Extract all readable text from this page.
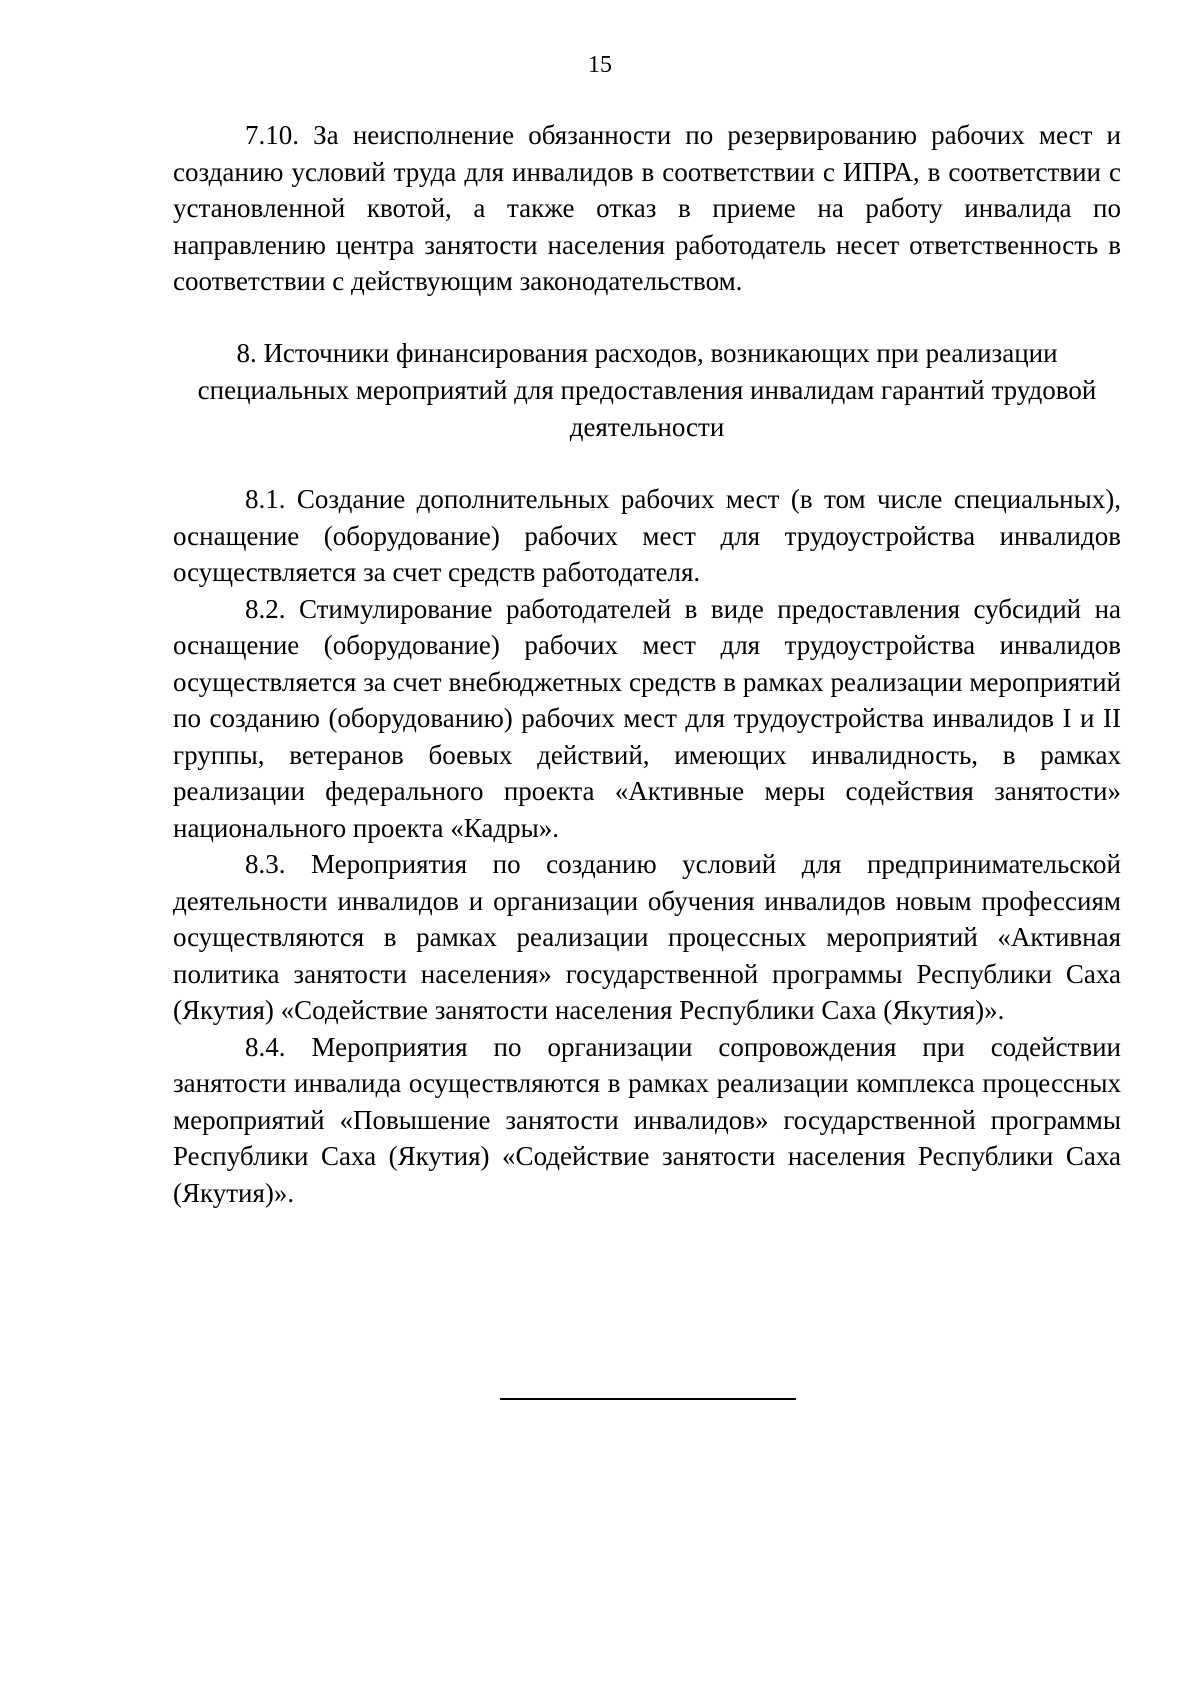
15

7.10. За неисполнение обязанности по резервированию рабочих мест и созданию условий труда для инвалидов в соответствии с ИПРА, в соответствии с установленной квотой, а также отказ в приеме на работу инвалида по направлению центра занятости населения работодатель несет ответственность в соответствии с действующим законодательством.

8. Источники финансирования расходов, возникающих при реализации специальных мероприятий для предоставления инвалидам гарантий трудовой деятельности

8.1. Создание дополнительных рабочих мест (в том числе специальных), оснащение (оборудование) рабочих мест для трудоустройства инвалидов осуществляется за счет средств работодателя.

8.2. Стимулирование работодателей в виде предоставления субсидий на оснащение (оборудование) рабочих мест для трудоустройства инвалидов осуществляется за счет внебюджетных средств в рамках реализации мероприятий по созданию (оборудованию) рабочих мест для трудоустройства инвалидов I и II группы, ветеранов боевых действий, имеющих инвалидность, в рамках реализации федерального проекта «Активные меры содействия занятости» национального проекта «Кадры».

8.3. Мероприятия по созданию условий для предпринимательской деятельности инвалидов и организации обучения инвалидов новым профессиям осуществляются в рамках реализации процессных мероприятий «Активная политика занятости населения» государственной программы Республики Саха (Якутия) «Содействие занятости населения Республики Саха (Якутия)».

8.4. Мероприятия по организации сопровождения при содействии занятости инвалида осуществляются в рамках реализации комплекса процессных мероприятий «Повышение занятости инвалидов» государственной программы Республики Саха (Якутия) «Содействие занятости населения Республики Саха (Якутия)».
